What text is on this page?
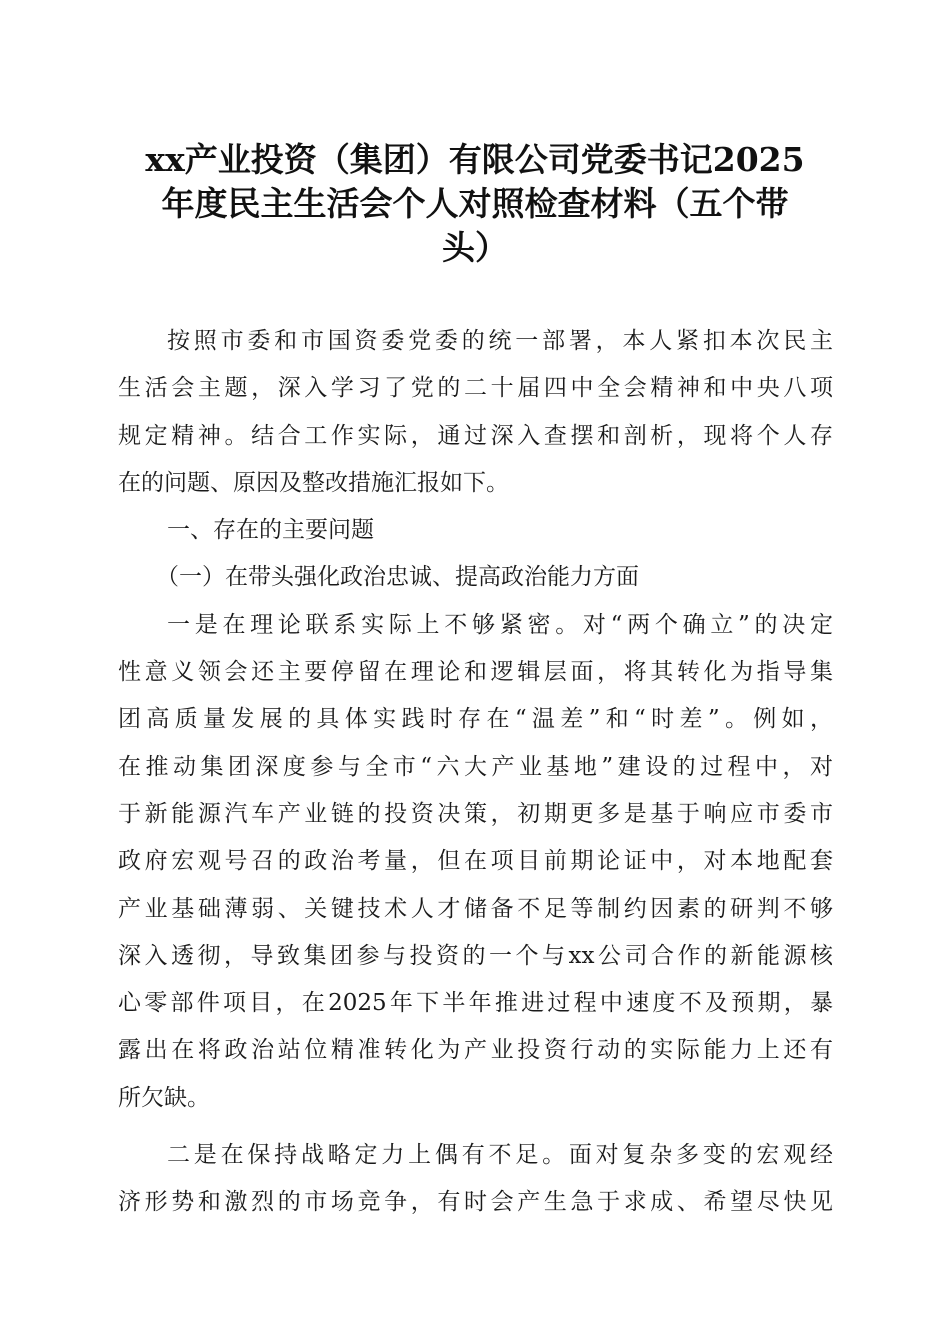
xx产业投资（集团）有限公司党委书记2025
年度民主生活会个人对照检查材料（五个带
头）
按照市委和市国资委党委的统一部署，本人紧扣本次民主
生活会主题，深入学习了党的二十届四中全会精神和中央八项
规定精神。结合工作实际，通过深入查摆和剖析，现将个人存
在的问题、原因及整改措施汇报如下。
一、存在的主要问题
（一）在带头强化政治忠诚、提高政治能力方面
一是在理论联系实际上不够紧密。对“两个确立”的决定
性意义领会还主要停留在理论和逻辑层面，将其转化为指导集
团高质量发展的具体实践时存在“温差”和“时差”。例如，
在推动集团深度参与全市“六大产业基地”建设的过程中，对
于新能源汽车产业链的投资决策，初期更多是基于响应市委市
政府宏观号召的政治考量，但在项目前期论证中，对本地配套
产业基础薄弱、关键技术人才储备不足等制约因素的研判不够
深入透彻，导致集团参与投资的一个与xx公司合作的新能源核
心零部件项目，在2025年下半年推进过程中速度不及预期，暴
露出在将政治站位精准转化为产业投资行动的实际能力上还有
所欠缺。
二是在保持战略定力上偶有不足。面对复杂多变的宏观经
济形势和激烈的市场竞争，有时会产生急于求成、希望尽快见
